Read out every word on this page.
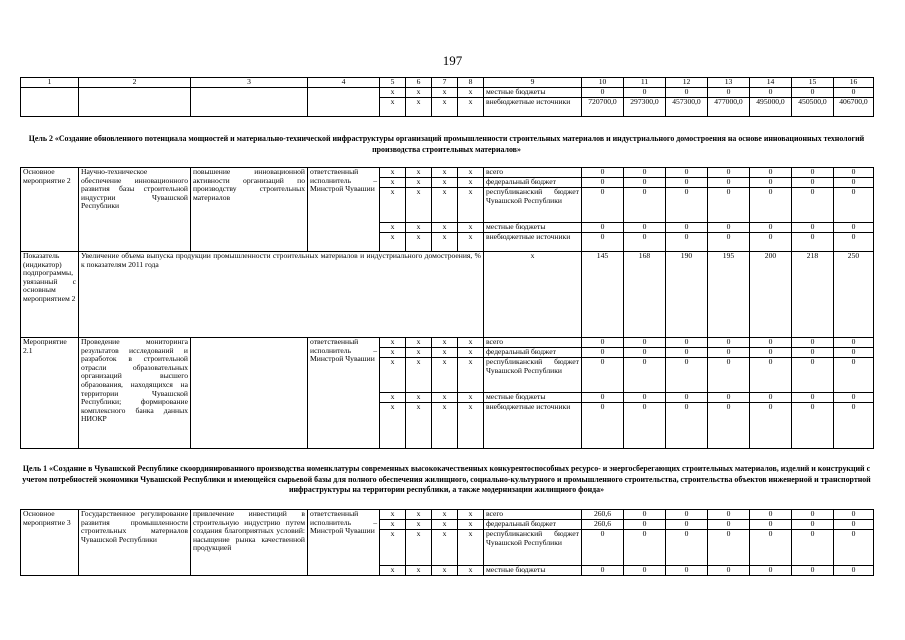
197
1	2	3	4	5	6	7	8	9	10	11	12	13	14	15	16
				x	x	x	x	местные бюджеты	0	0	0	0	0	0	0
				x	x	x	x	внебюджетные источники	720700,0	297300,0	457300,0	477000,0	495000,0	450500,0	406700,0
Цель 2 «Создание обновленного потенциала мощностей и материально-технической инфраструктуры организаций промышленности строительных материалов и индустриального домостроения на основе инновационных технологий производства строительных материалов»
Основное мероприятие 2	Научно-техническое обеспечение инновационного развития базы строительной индустрии Чувашской Республики	повышение инновационной активности организаций по производству строительных материалов	ответственный исполнитель – Минстрой Чувашии	x	x	x	x	всего	0	0	0	0	0	0	0
				x	x	x	x	федеральный бюджет	0	0	0	0	0	0	0
				x	x	x	x	республиканский бюджет Чувашской Республики	0	0	0	0	0	0	0
				x	x	x	x	местные бюджеты	0	0	0	0	0	0	0
				x	x	x	x	внебюджетные источники	0	0	0	0	0	0	0
Показатель (индикатор) подпрограммы, увязанный с основным мероприятием 2	Увеличение объема выпуска продукции промышленности строительных материалов и индустриального домостроения, % к показателям 2011 года							x	145	168	190	195	200	218	250
Мероприятие 2.1	Проведение мониторинга результатов исследований и разработок в строительной отрасли образовательных организаций высшего образования, находящихся на территории Чувашской Республики; формирование комплексного банка данных НИОКР		ответственный исполнитель – Минстрой Чувашии	x	x	x	x	всего	0	0	0	0	0	0	0
				x	x	x	x	федеральный бюджет	0	0	0	0	0	0	0
				x	x	x	x	республиканский бюджет Чувашской Республики	0	0	0	0	0	0	0
				x	x	x	x	местные бюджеты	0	0	0	0	0	0	0
				x	x	x	x	внебюджетные источники	0	0	0	0	0	0	0
Цель 1 «Создание в Чувашской Республике скоординированного производства номенклатуры современных высококачественных конкурентоспособных ресурсо- и энергосберегающих строительных материалов, изделий и конструкций с учетом потребностей экономики Чувашской Республики и имеющейся сырьевой базы для полного обеспечения жилищного, социально-культурного и промышленного строительства, строительства объектов инженерной и транспортной инфраструктуры на территории республики, а также модернизации жилищного фонда»
Основное мероприятие 3	Государственное регулирование развития промышленности строительных материалов Чувашской Республики	привлечение инвестиций в строительную индустрию путем создания благоприятных условий: насыщение рынка качественной продукцией	ответственный исполнитель – Минстрой Чувашии	x	x	x	x	всего	260,6	0	0	0	0	0	0
				x	x	x	x	федеральный бюджет	260,6	0	0	0	0	0	0
				x	x	x	x	республиканский бюджет Чувашской Республики	0	0	0	0	0	0	0
				x	x	x	x	местные бюджеты	0	0	0	0	0	0	0
